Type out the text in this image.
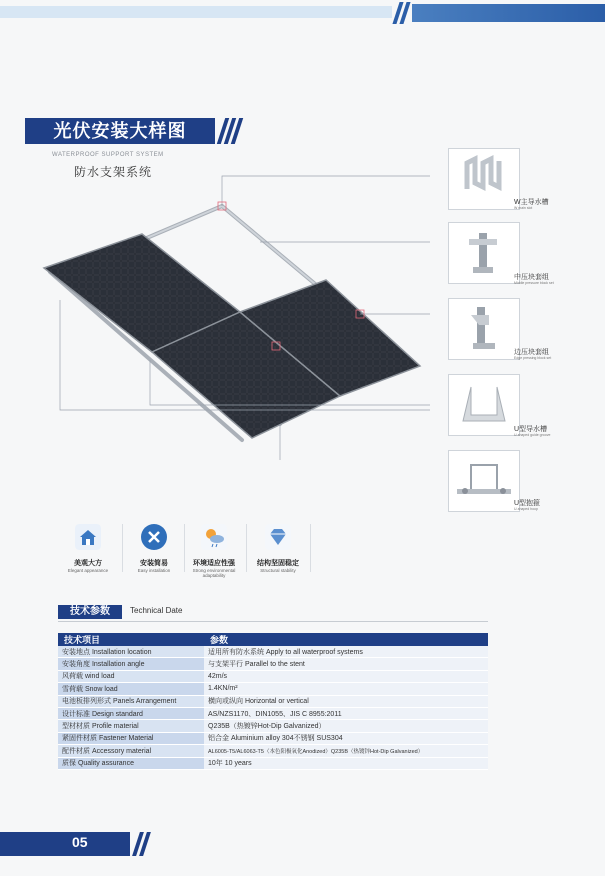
光伏安装大样图
WATERPROOF SUPPORT SYSTEM
防水支架系统
W主导水槽
W main slot
中压块套组
Middle pressure block set
边压块套组
Edge pressing block set
U型导水槽
U-shaped guide groove
U型抱箍
U-shaped hoop
美观大方
Elegant appearance
安装简易
Easy installation
环境适应性强
Strong environmental adaptability
结构坚固稳定
Structural stability
技术参数	Technical Date
技术项目	参数
安装地点 Installation location	适用所有防水系统 Apply to all waterproof systems
安装角度 Installation angle	与支架平行 Parallel to the stent
风荷载 wind load	42m/s
雪荷载 Snow load	1.4KN/m²
电池板排列形式 Panels Arrangement	横向或纵向 Horizontal or vertical
设计标准 Design standard	AS/NZS1170、DIN1055、JIS C 8955:2011
型材材质 Profile material	Q235B（热镀锌Hot-Dip Galvanized）
紧固件材质 Fastener Material	铝合金 Aluminium alloy 304不锈钢 SUS304
配件材质 Accessory material	AL6005-T5/AL6063-T5（本色阳极氧化Anodized）Q235B（热镀锌Hot-Dip Galvanized）
质保 Quality assurance	10年 10 years
05
